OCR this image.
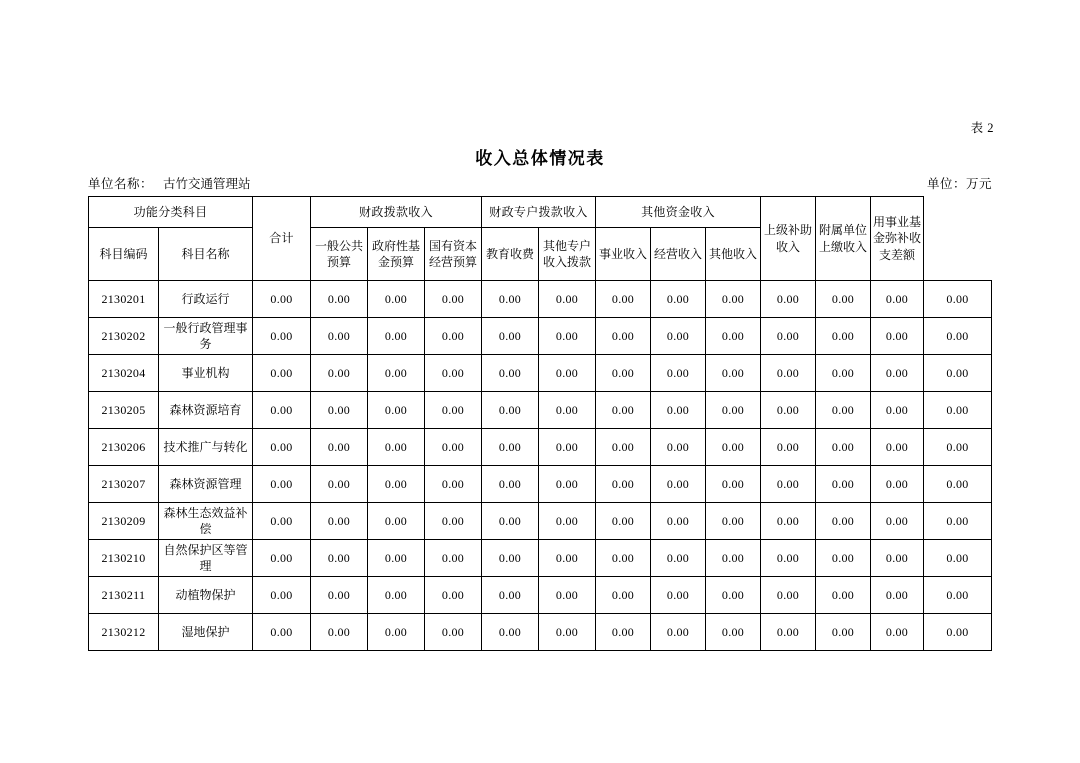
表 2
收入总体情况表
单位名称： 古竹交通管理站	单位：万元
功能分类科目		合计	财政拨款收入			财政专户拨款收入		其他资金收入			上级补助收入	附属单位上缴收入	用事业基金弥补收支差额	
科目编码	科目名称		一般公共预算	政府性基金预算	国有资本经营预算	教育收费	其他专户收入拨款	事业收入	经营收入	其他收入				
2130201	行政运行	0.00	0.00	0.00	0.00	0.00	0.00	0.00	0.00	0.00	0.00	0.00	0.00	0.00
2130202	一般行政管理事务	0.00	0.00	0.00	0.00	0.00	0.00	0.00	0.00	0.00	0.00	0.00	0.00	0.00
2130204	事业机构	0.00	0.00	0.00	0.00	0.00	0.00	0.00	0.00	0.00	0.00	0.00	0.00	0.00
2130205	森林资源培育	0.00	0.00	0.00	0.00	0.00	0.00	0.00	0.00	0.00	0.00	0.00	0.00	0.00
2130206	技术推广与转化	0.00	0.00	0.00	0.00	0.00	0.00	0.00	0.00	0.00	0.00	0.00	0.00	0.00
2130207	森林资源管理	0.00	0.00	0.00	0.00	0.00	0.00	0.00	0.00	0.00	0.00	0.00	0.00	0.00
2130209	森林生态效益补偿	0.00	0.00	0.00	0.00	0.00	0.00	0.00	0.00	0.00	0.00	0.00	0.00	0.00
2130210	自然保护区等管理	0.00	0.00	0.00	0.00	0.00	0.00	0.00	0.00	0.00	0.00	0.00	0.00	0.00
2130211	动植物保护	0.00	0.00	0.00	0.00	0.00	0.00	0.00	0.00	0.00	0.00	0.00	0.00	0.00
2130212	湿地保护	0.00	0.00	0.00	0.00	0.00	0.00	0.00	0.00	0.00	0.00	0.00	0.00	0.00
